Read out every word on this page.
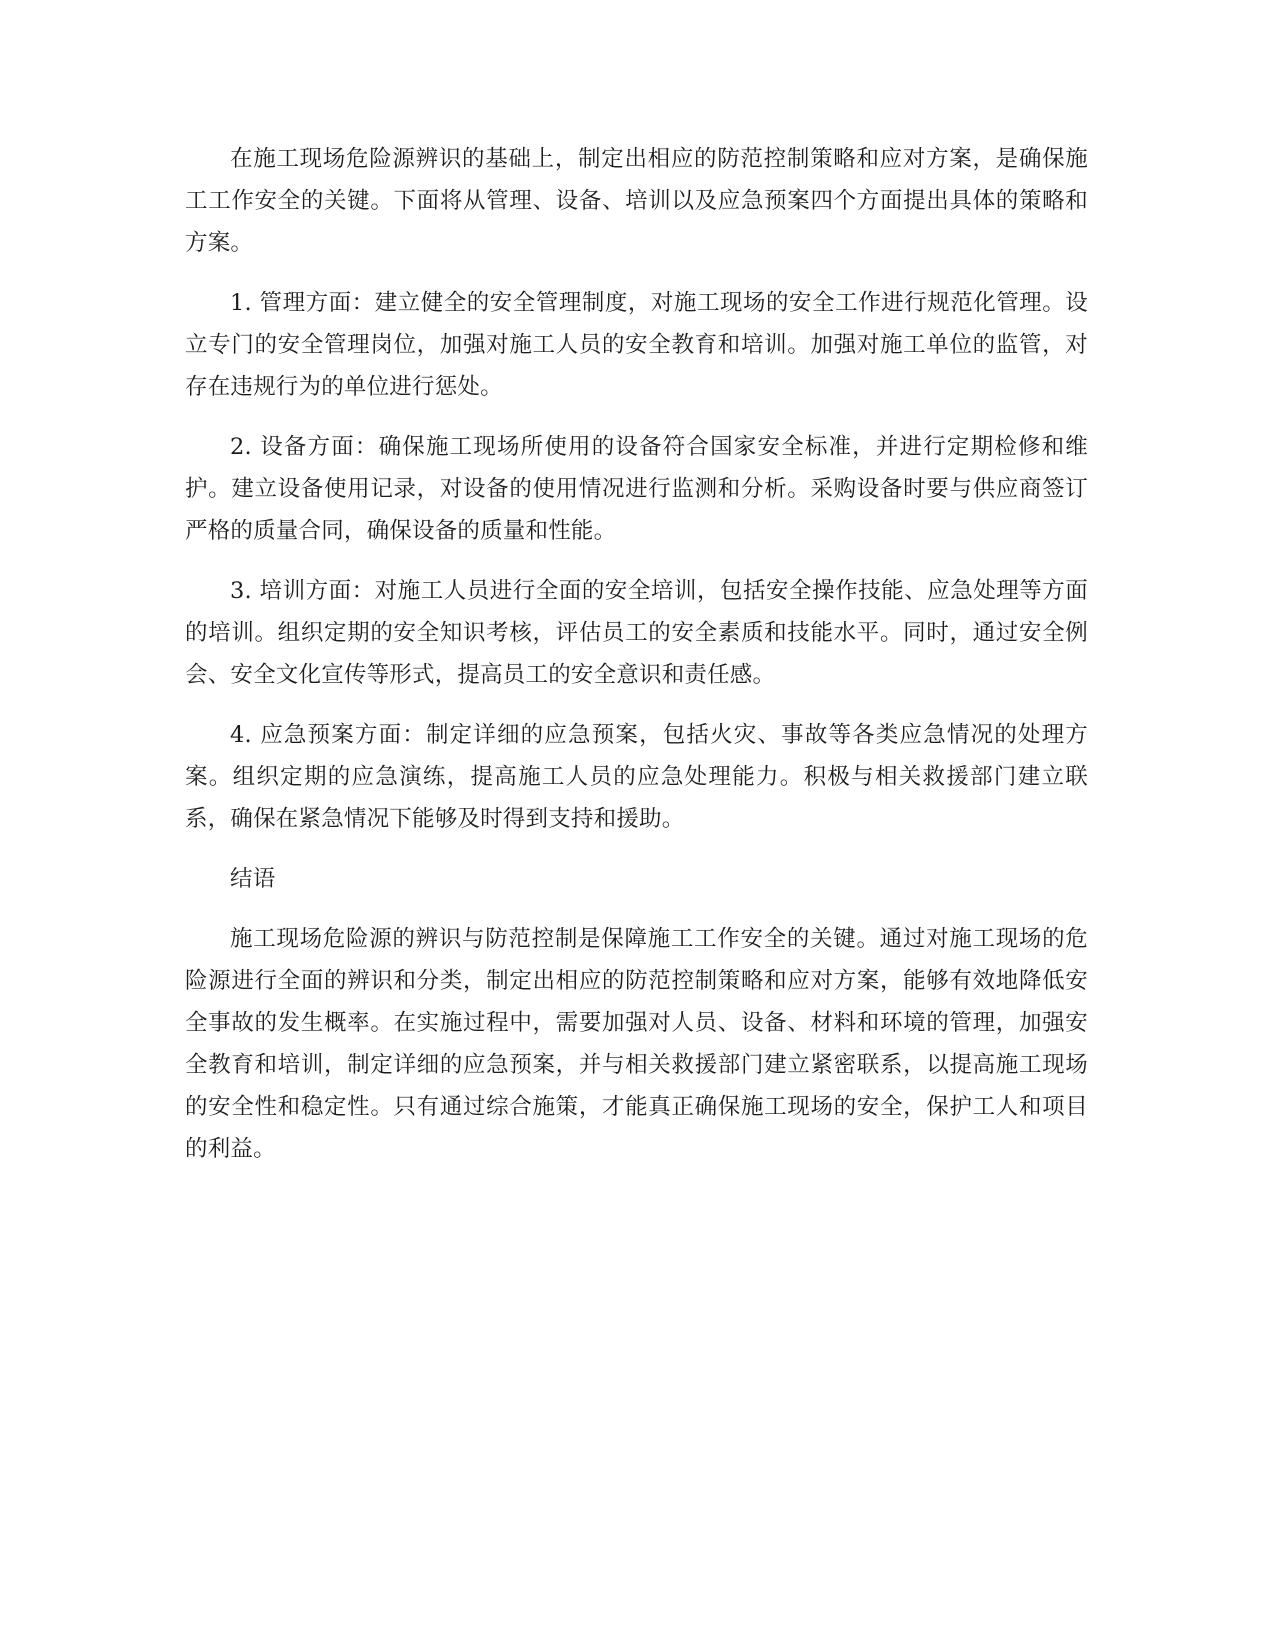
在施工现场危险源辨识的基础上，制定出相应的防范控制策略和应对方案，是确保施工工作安全的关键。下面将从管理、设备、培训以及应急预案四个方面提出具体的策略和方案。

1. 管理方面：建立健全的安全管理制度，对施工现场的安全工作进行规范化管理。设立专门的安全管理岗位，加强对施工人员的安全教育和培训。加强对施工单位的监管，对存在违规行为的单位进行惩处。

2. 设备方面：确保施工现场所使用的设备符合国家安全标准，并进行定期检修和维护。建立设备使用记录，对设备的使用情况进行监测和分析。采购设备时要与供应商签订严格的质量合同，确保设备的质量和性能。

3. 培训方面：对施工人员进行全面的安全培训，包括安全操作技能、应急处理等方面的培训。组织定期的安全知识考核，评估员工的安全素质和技能水平。同时，通过安全例会、安全文化宣传等形式，提高员工的安全意识和责任感。

4. 应急预案方面：制定详细的应急预案，包括火灾、事故等各类应急情况的处理方案。组织定期的应急演练，提高施工人员的应急处理能力。积极与相关救援部门建立联系，确保在紧急情况下能够及时得到支持和援助。

结语

施工现场危险源的辨识与防范控制是保障施工工作安全的关键。通过对施工现场的危险源进行全面的辨识和分类，制定出相应的防范控制策略和应对方案，能够有效地降低安全事故的发生概率。在实施过程中，需要加强对人员、设备、材料和环境的管理，加强安全教育和培训，制定详细的应急预案，并与相关救援部门建立紧密联系，以提高施工现场的安全性和稳定性。只有通过综合施策，才能真正确保施工现场的安全，保护工人和项目的利益。
